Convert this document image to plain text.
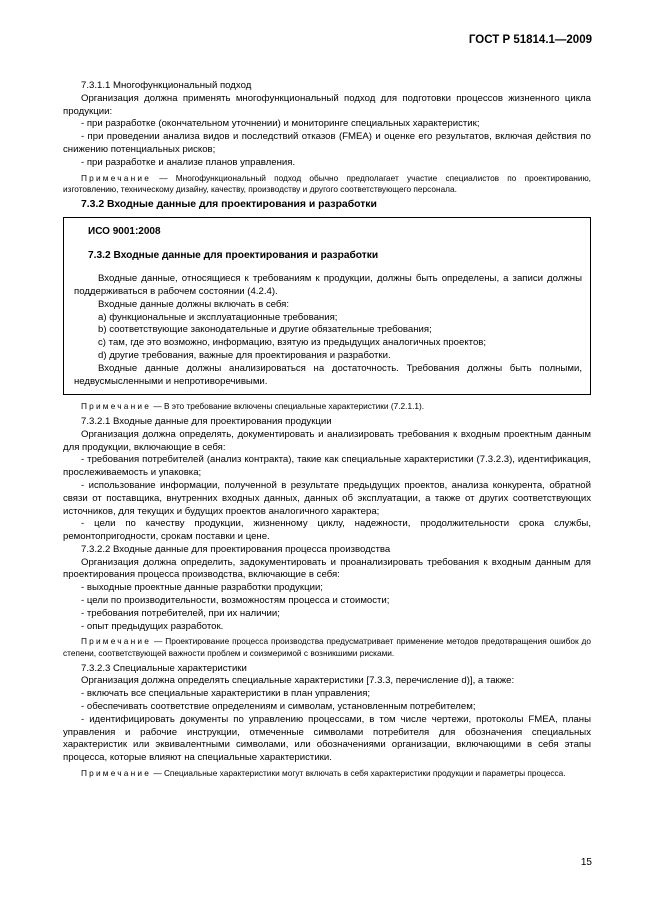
ГОСТ Р 51814.1—2009

7.3.1.1 Многофункциональный подход

Организация должна применять многофункциональный подход для подготовки процессов жизненного цикла продукции:

- при разработке (окончательном уточнении) и мониторинге специальных характеристик;

- при проведении анализа видов и последствий отказов (FMEA) и оценке его результатов, включая действия по снижению потенциальных рисков;

- при разработке и анализе планов управления.

Примечание — Многофункциональный подход обычно предполагает участие специалистов по проектированию, изготовлению, техническому дизайну, качеству, производству и другого соответствующего персонала.

7.3.2 Входные данные для проектирования и разработки

ИСО 9001:2008

7.3.2 Входные данные для проектирования и разработки

Входные данные, относящиеся к требованиям к продукции, должны быть определены, а записи должны поддерживаться в рабочем состоянии (4.2.4).

Входные данные должны включать в себя:

а) функциональные и эксплуатационные требования;

b) соответствующие законодательные и другие обязательные требования;

c) там, где это возможно, информацию, взятую из предыдущих аналогичных проектов;

d) другие требования, важные для проектирования и разработки.

Входные данные должны анализироваться на достаточность. Требования должны быть полными, недвусмысленными и непротиворечивыми.

Примечание — В это требование включены специальные характеристики (7.2.1.1).

7.3.2.1 Входные данные для проектирования продукции

Организация должна определять, документировать и анализировать требования к входным проектным данным для продукции, включающие в себя:

- требования потребителей (анализ контракта), такие как специальные характеристики (7.3.2.3), идентификация, прослеживаемость и упаковка;

- использование информации, полученной в результате предыдущих проектов, анализа конкурента, обратной связи от поставщика, внутренних входных данных, данных об эксплуатации, а также от других соответствующих источников, для текущих и будущих проектов аналогичного характера;

- цели по качеству продукции, жизненному циклу, надежности, продолжительности срока службы, ремонтопригодности, срокам поставки и цене.

7.3.2.2 Входные данные для проектирования процесса производства

Организация должна определить, задокументировать и проанализировать требования к входным данным для проектирования процесса производства, включающие в себя:

- выходные проектные данные разработки продукции;

- цели по производительности, возможностям процесса и стоимости;

- требования потребителей, при их наличии;

- опыт предыдущих разработок.

Примечание — Проектирование процесса производства предусматривает применение методов предотвращения ошибок до степени, соответствующей важности проблем и соизмеримой с возникшими рисками.

7.3.2.3 Специальные характеристики

Организация должна определять специальные характеристики [7.3.3, перечисление d)], а также:

- включать все специальные характеристики в план управления;

- обеспечивать соответствие определениям и символам, установленным потребителем;

- идентифицировать документы по управлению процессами, в том числе чертежи, протоколы FMEA, планы управления и рабочие инструкции, отмеченные символами потребителя для обозначения специальных характеристик или эквивалентными символами, или обозначениями организации, включающими в себя этапы процесса, которые влияют на специальные характеристики.

Примечание — Специальные характеристики могут включать в себя характеристики продукции и параметры процесса.

15
